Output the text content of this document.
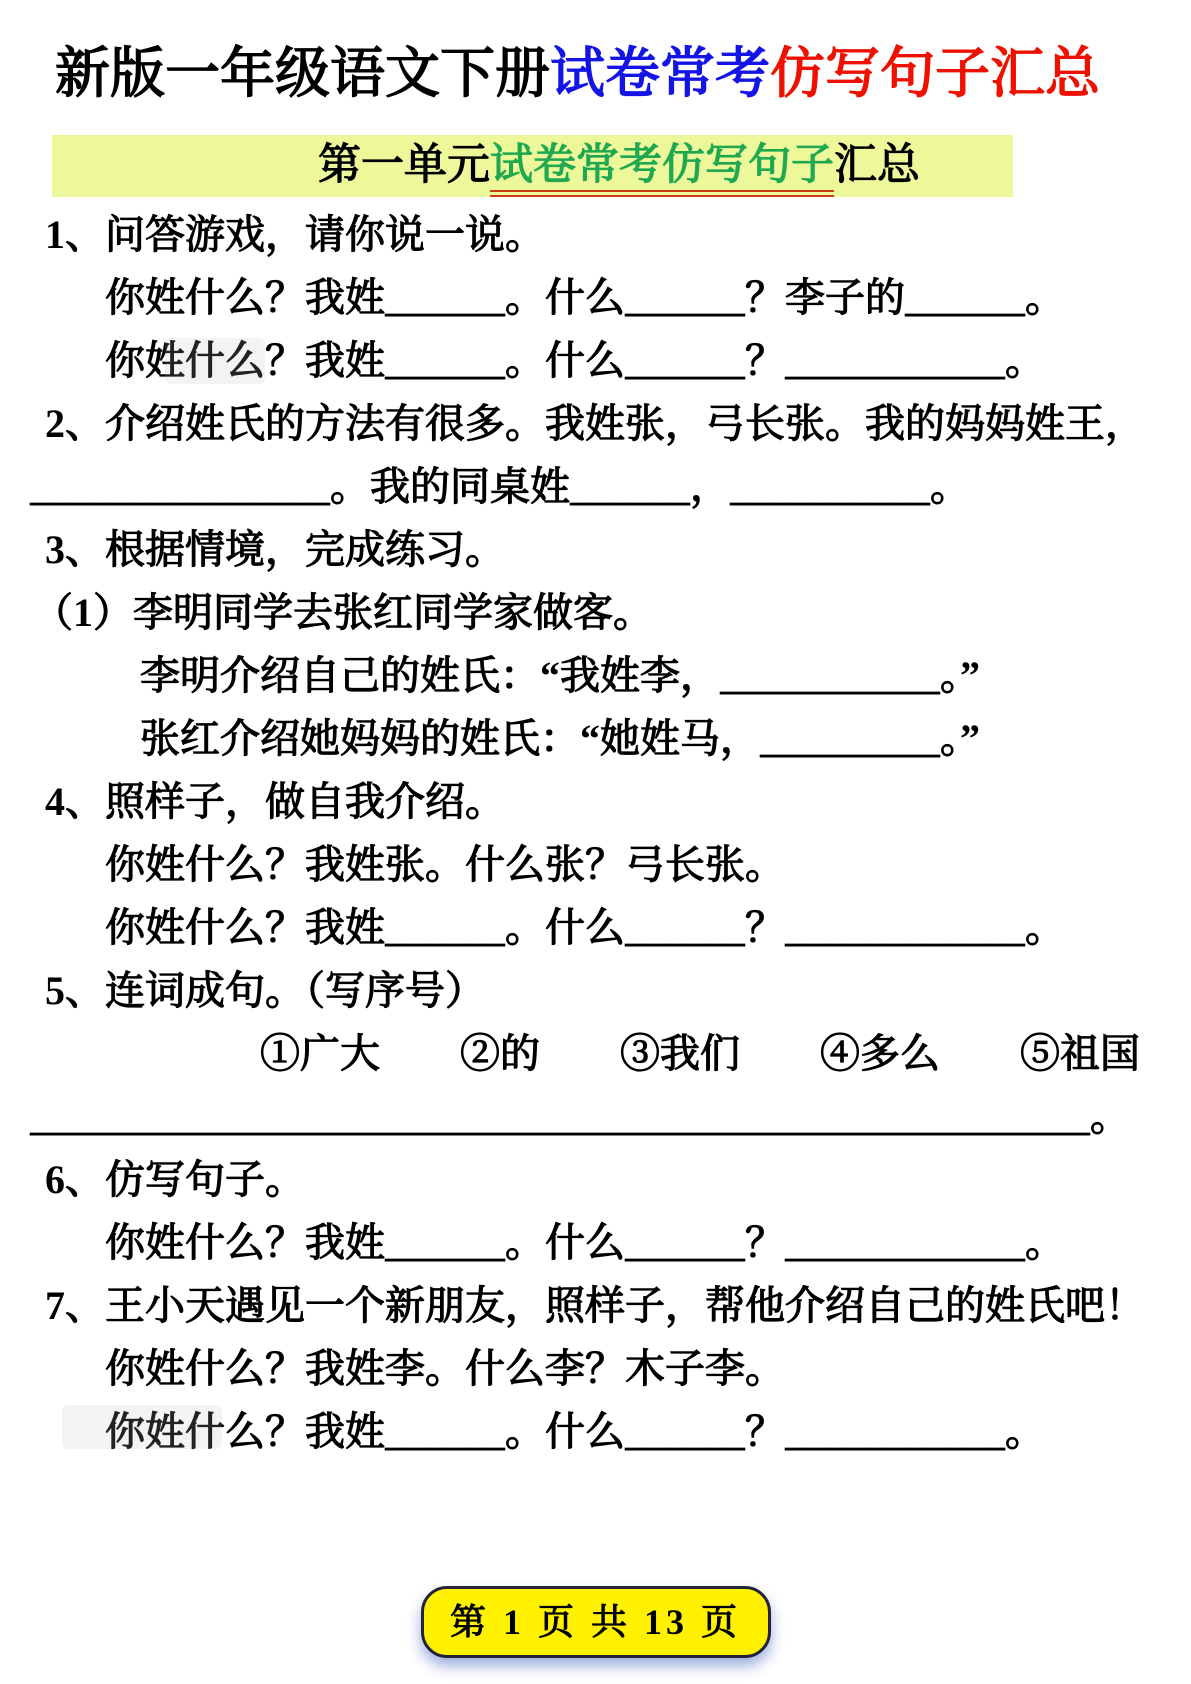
新版一年级语文下册试卷常考仿写句子汇总
第一单元试卷常考仿写句子汇总
1、问答游戏，请你说一说。
你姓什么？我姓______。什么______？李子的______。
你姓什么？我姓______。什么______？___________。
2、介绍姓氏的方法有很多。我姓张，弓长张。我的妈妈姓王，
_______________。我的同桌姓______，__________。
3、根据情境，完成练习。
（1）李明同学去张红同学家做客。
李明介绍自己的姓氏：“我姓李，___________。”
张红介绍她妈妈的姓氏：“她姓马，_________。”
4、照样子，做自我介绍。
你姓什么？我姓张。什么张？弓长张。
你姓什么？我姓______。什么______？____________。
5、连词成句。（写序号）
①广大　　②的　　③我们　　④多么　　⑤祖国
_____________________________________________________。
6、仿写句子。
你姓什么？我姓______。什么______？____________。
7、王小天遇见一个新朋友，照样子，帮他介绍自己的姓氏吧！
你姓什么？我姓李。什么李？木子李。
你姓什么？我姓______。什么______？___________。
第 1 页 共 13 页
